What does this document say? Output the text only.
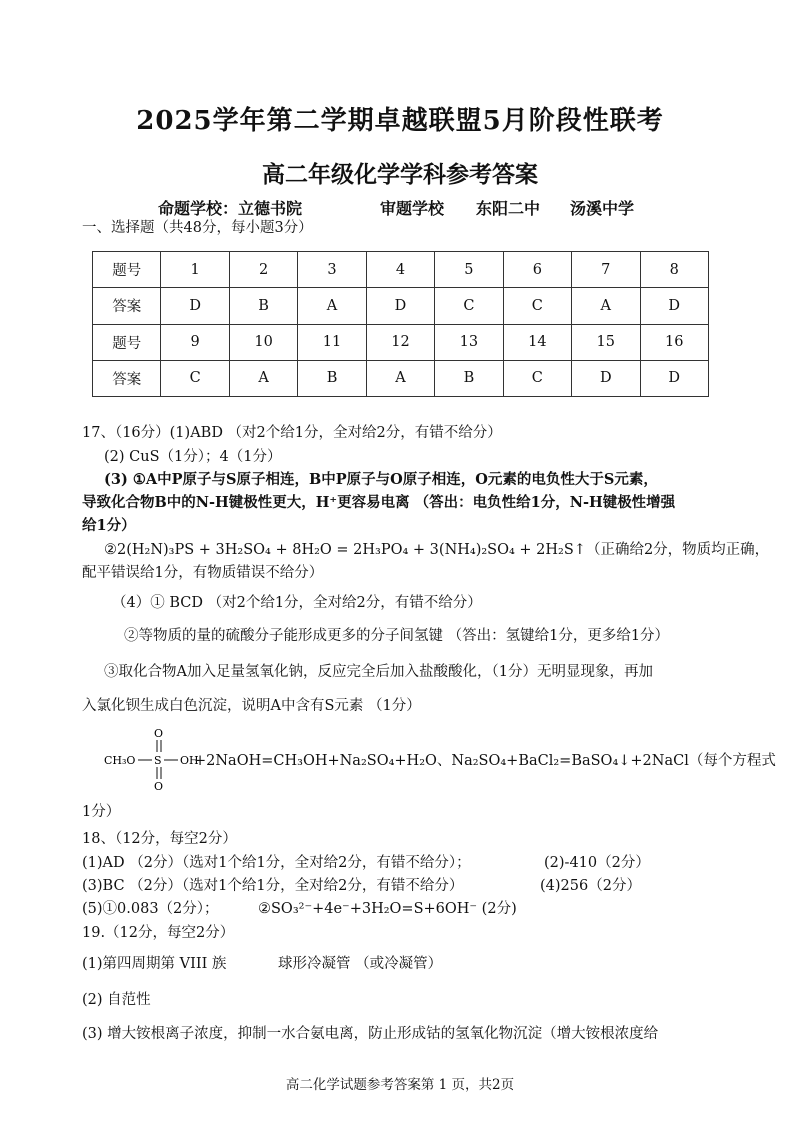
2025学年第二学期卓越联盟5月阶段性联考
高二年级化学学科参考答案
命题学校：立德书院	审题学校 东阳二中 汤溪中学
一、选择题（共48分，每小题3分）
题号	1	2	3	4	5	6	7	8
答案	D	B	A	D	C	C	A	D
题号	9	10	11	12	13	14	15	16
答案	C	A	B	A	B	C	D	D
17、（16分）(1)ABD （对2个给1分，全对给2分，有错不给分）
(2) CuS（1分）；4（1分）
(3) ①A中P原子与S原子相连，B中P原子与O原子相连，O元素的电负性大于S元素，
导致化合物B中的N-H键极性更大，H⁺更容易电离 （答出：电负性给1分，N-H键极性增强
给1分）
②2(H₂N)₃PS + 3H₂SO₄ + 8H₂O = 2H₃PO₄ + 3(NH₄)₂SO₄ + 2H₂S↑（正确给2分，物质均正确，
配平错误给1分，有物质错误不给分）
（4）① BCD （对2个给1分，全对给2分，有错不给分）
②等物质的量的硫酸分子能形成更多的分子间氢键 （答出：氢键给1分，更多给1分）
③取化合物A加入足量氢氧化钠，反应完全后加入盐酸酸化，（1分）无明显现象，再加
入氯化钡生成白色沉淀，说明A中含有S元素 （1分）
CH₃O S OH
O
O
+2NaOH=CH₃OH+Na₂SO₄+H₂O、Na₂SO₄+BaCl₂=BaSO₄↓+2NaCl（每个方程式
1分）
18、（12分，每空2分）
(1)AD （2分）（选对1个给1分，全对给2分，有错不给分）；	(2)-410（2分）
(3)BC （2分）（选对1个给1分，全对给2分，有错不给分）	(4)256（2分）
(5)①0.083（2分）；	②SO₃²⁻+4e⁻+3H₂O=S+6OH⁻ (2分)
19.（12分，每空2分）
(1)第四周期第 VIII 族	球形冷凝管 （或冷凝管）
(2) 自范性
(3) 增大铵根离子浓度，抑制一水合氨电离，防止形成钴的氢氧化物沉淀（增大铵根浓度给
高二化学试题参考答案第 1 页，共2页
